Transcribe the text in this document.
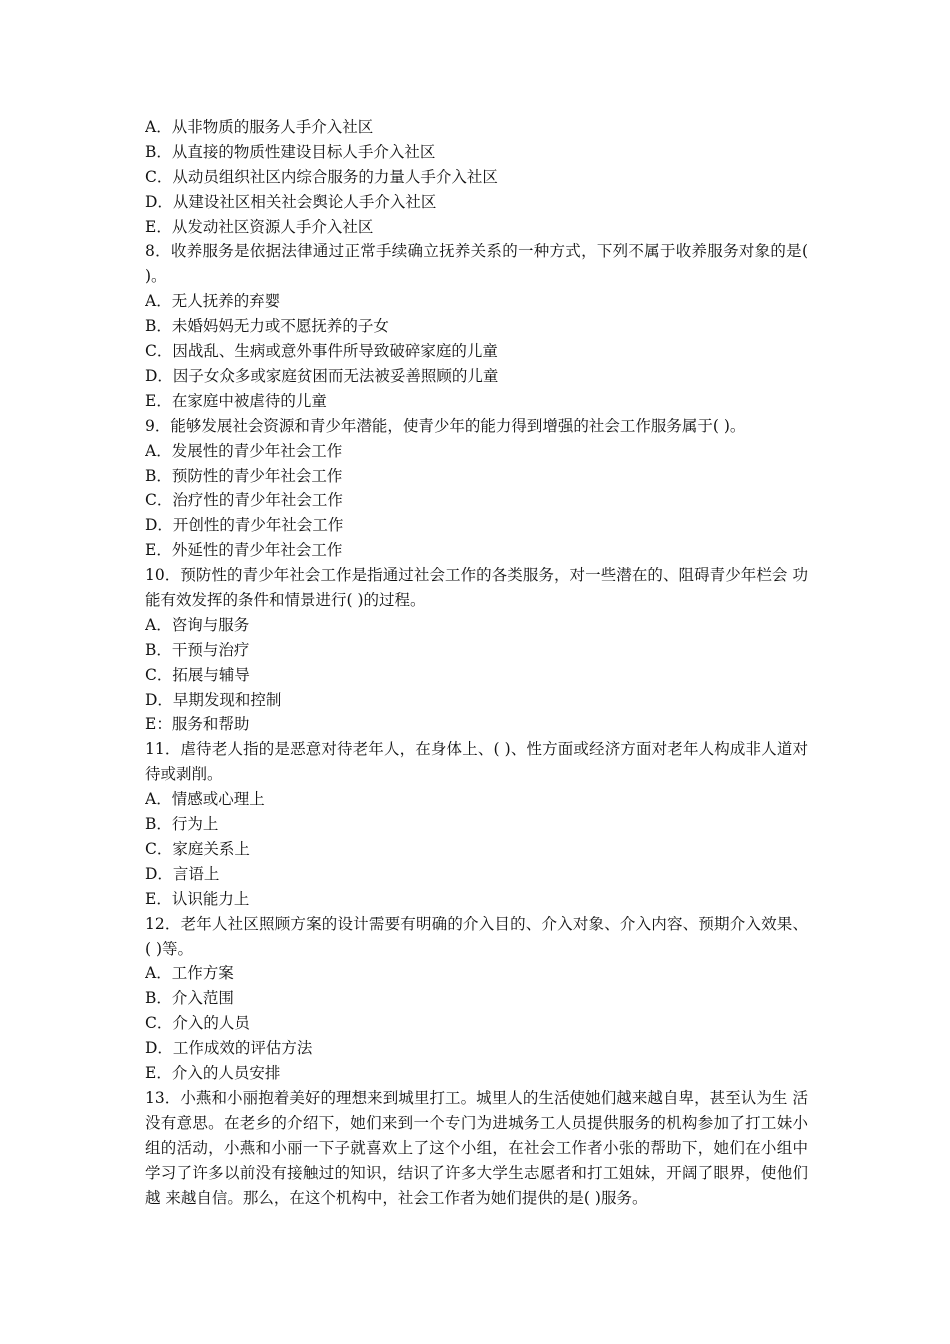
A．从非物质的服务人手介入社区
B．从直接的物质性建设目标人手介入社区
C．从动员组织社区内综合服务的力量人手介入社区
D．从建设社区相关社会舆论人手介入社区
E．从发动社区资源人手介入社区
8．收养服务是依据法律通过正常手续确立抚养关系的一种方式，下列不属于收养服务对象的是( )。
A．无人抚养的弃婴
B．未婚妈妈无力或不愿抚养的子女
C．因战乱、生病或意外事件所导致破碎家庭的儿童
D．因子女众多或家庭贫困而无法被妥善照顾的儿童
E．在家庭中被虐待的儿童
9．能够发展社会资源和青少年潜能，使青少年的能力得到增强的社会工作服务属于( )。
A．发展性的青少年社会工作
B．预防性的青少年社会工作
C．治疗性的青少年社会工作
D．开创性的青少年社会工作
E．外延性的青少年社会工作
10．预防性的青少年社会工作是指通过社会工作的各类服务，对一些潜在的、阻碍青少年栏会 功能有效发挥的条件和情景进行( )的过程。
A．咨询与服务
B．干预与治疗
C．拓展与辅导
D．早期发现和控制
E：服务和帮助
11．虐待老人指的是恶意对待老年人，在身体上、( )、性方面或经济方面对老年人构成非人道对待或剥削。
A．情感或心理上
B．行为上
C．家庭关系上
D．言语上
E．认识能力上
12．老年人社区照顾方案的设计需要有明确的介入目的、介入对象、介入内容、预期介入效果、 ( )等。
A．工作方案
B．介入范围
C．介入的人员
D．工作成效的评估方法
E．介入的人员安排
13．小燕和小丽抱着美好的理想来到城里打工。城里人的生活使她们越来越自卑，甚至认为生 活没有意思。在老乡的介绍下，她们来到一个专门为进城务工人员提供服务的机构参加了打工妹小组的活动，小燕和小丽一下子就喜欢上了这个小组，在社会工作者小张的帮助下，她们在小组中学习了许多以前没有接触过的知识，结识了许多大学生志愿者和打工姐妹，开阔了眼界，使他们越 来越自信。那么，在这个机构中，社会工作者为她们提供的是( )服务。
